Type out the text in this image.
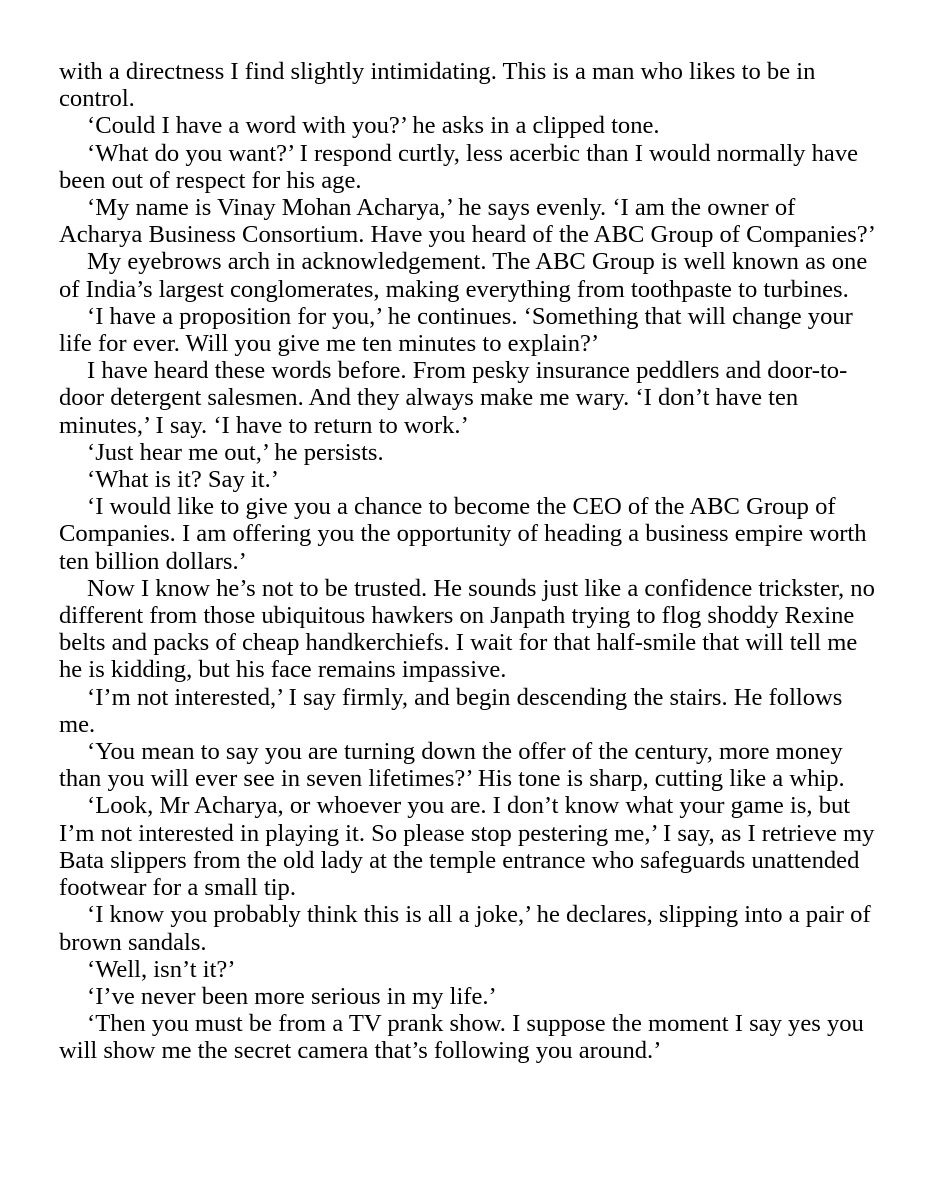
with a directness I find slightly intimidating. This is a man who likes to be in control.

‘Could I have a word with you?’ he asks in a clipped tone.

‘What do you want?’ I respond curtly, less acerbic than I would normally have been out of respect for his age.

‘My name is Vinay Mohan Acharya,’ he says evenly. ‘I am the owner of Acharya Business Consortium. Have you heard of the ABC Group of Companies?’

My eyebrows arch in acknowledgement. The ABC Group is well known as one of India’s largest conglomerates, making everything from toothpaste to turbines.

‘I have a proposition for you,’ he continues. ‘Something that will change your life for ever. Will you give me ten minutes to explain?’

I have heard these words before. From pesky insurance peddlers and door-to-door detergent salesmen. And they always make me wary. ‘I don’t have ten minutes,’ I say. ‘I have to return to work.’

‘Just hear me out,’ he persists.

‘What is it? Say it.’

‘I would like to give you a chance to become the CEO of the ABC Group of Companies. I am offering you the opportunity of heading a business empire worth ten billion dollars.’

Now I know he’s not to be trusted. He sounds just like a confidence trickster, no different from those ubiquitous hawkers on Janpath trying to flog shoddy Rexine belts and packs of cheap handkerchiefs. I wait for that half-smile that will tell me he is kidding, but his face remains impassive.

‘I’m not interested,’ I say firmly, and begin descending the stairs. He follows me.

‘You mean to say you are turning down the offer of the century, more money than you will ever see in seven lifetimes?’ His tone is sharp, cutting like a whip.

‘Look, Mr Acharya, or whoever you are. I don’t know what your game is, but I’m not interested in playing it. So please stop pestering me,’ I say, as I retrieve my Bata slippers from the old lady at the temple entrance who safeguards unattended footwear for a small tip.

‘I know you probably think this is all a joke,’ he declares, slipping into a pair of brown sandals.

‘Well, isn’t it?’

‘I’ve never been more serious in my life.’

‘Then you must be from a TV prank show. I suppose the moment I say yes you will show me the secret camera that’s following you around.’
